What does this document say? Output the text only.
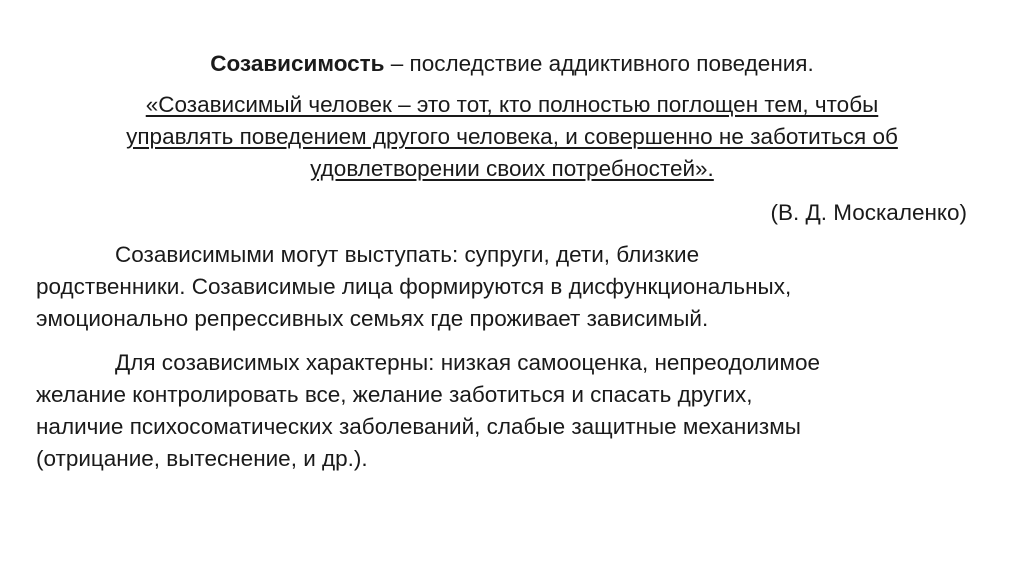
Созависимость – последствие аддиктивного поведения.
«Созависимый человек – это тот, кто полностью поглощен тем, чтобы
управлять поведением другого человека, и совершенно не заботиться об
удовлетворении своих потребностей».
(В. Д. Москаленко)
Созависимыми могут выступать: супруги, дети, близкие
родственники. Созависимые лица формируются в дисфункциональных,
эмоционально репрессивных семьях где проживает зависимый.
Для созависимых характерны: низкая самооценка, непреодолимое
желание контролировать все, желание заботиться и спасать других,
наличие психосоматических заболеваний, слабые защитные механизмы
(отрицание, вытеснение, и др.).
